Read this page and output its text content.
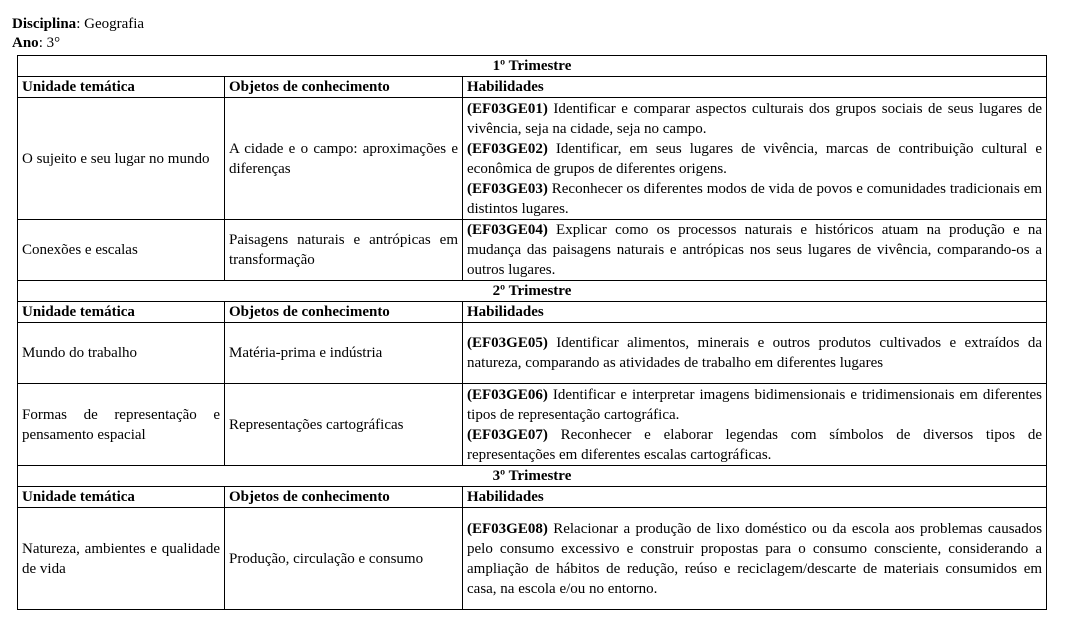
Disciplina: Geografia
Ano: 3°
1º Trimestre		
Unidade temática	Objetos de conhecimento	Habilidades
O sujeito e seu lugar no mundo	A cidade e o campo: aproximações e diferenças	(EF03GE01) Identificar e comparar aspectos culturais dos grupos sociais de seus lugares de vivência, seja na cidade, seja no campo.
(EF03GE02) Identificar, em seus lugares de vivência, marcas de contribuição cultural e econômica de grupos de diferentes origens.
(EF03GE03) Reconhecer os diferentes modos de vida de povos e comunidades tradicionais em distintos lugares.

Conexões e escalas	Paisagens naturais e antrópicas em transformação	(EF03GE04) Explicar como os processos naturais e históricos atuam na produção e na mudança das paisagens naturais e antrópicas nos seus lugares de vivência, comparando-os a outros lugares.

2º Trimestre		
Unidade temática	Objetos de conhecimento	Habilidades
Mundo do trabalho	Matéria-prima e indústria	(EF03GE05) Identificar alimentos, minerais e outros produtos cultivados e extraídos da natureza, comparando as atividades de trabalho em diferentes lugares

Formas de representação e pensamento espacial	Representações cartográficas	(EF03GE06) Identificar e interpretar imagens bidimensionais e tridimensionais em diferentes tipos de representação cartográfica.
(EF03GE07) Reconhecer e elaborar legendas com símbolos de diversos tipos de representações em diferentes escalas cartográficas.

3º Trimestre		
Unidade temática	Objetos de conhecimento	Habilidades
Natureza, ambientes e qualidade de vida	Produção, circulação e consumo	(EF03GE08) Relacionar a produção de lixo doméstico ou da escola aos problemas causados pelo consumo excessivo e construir propostas para o consumo consciente, considerando a ampliação de hábitos de redução, reúso e reciclagem/descarte de materiais consumidos em casa, na escola e/ou no entorno.
